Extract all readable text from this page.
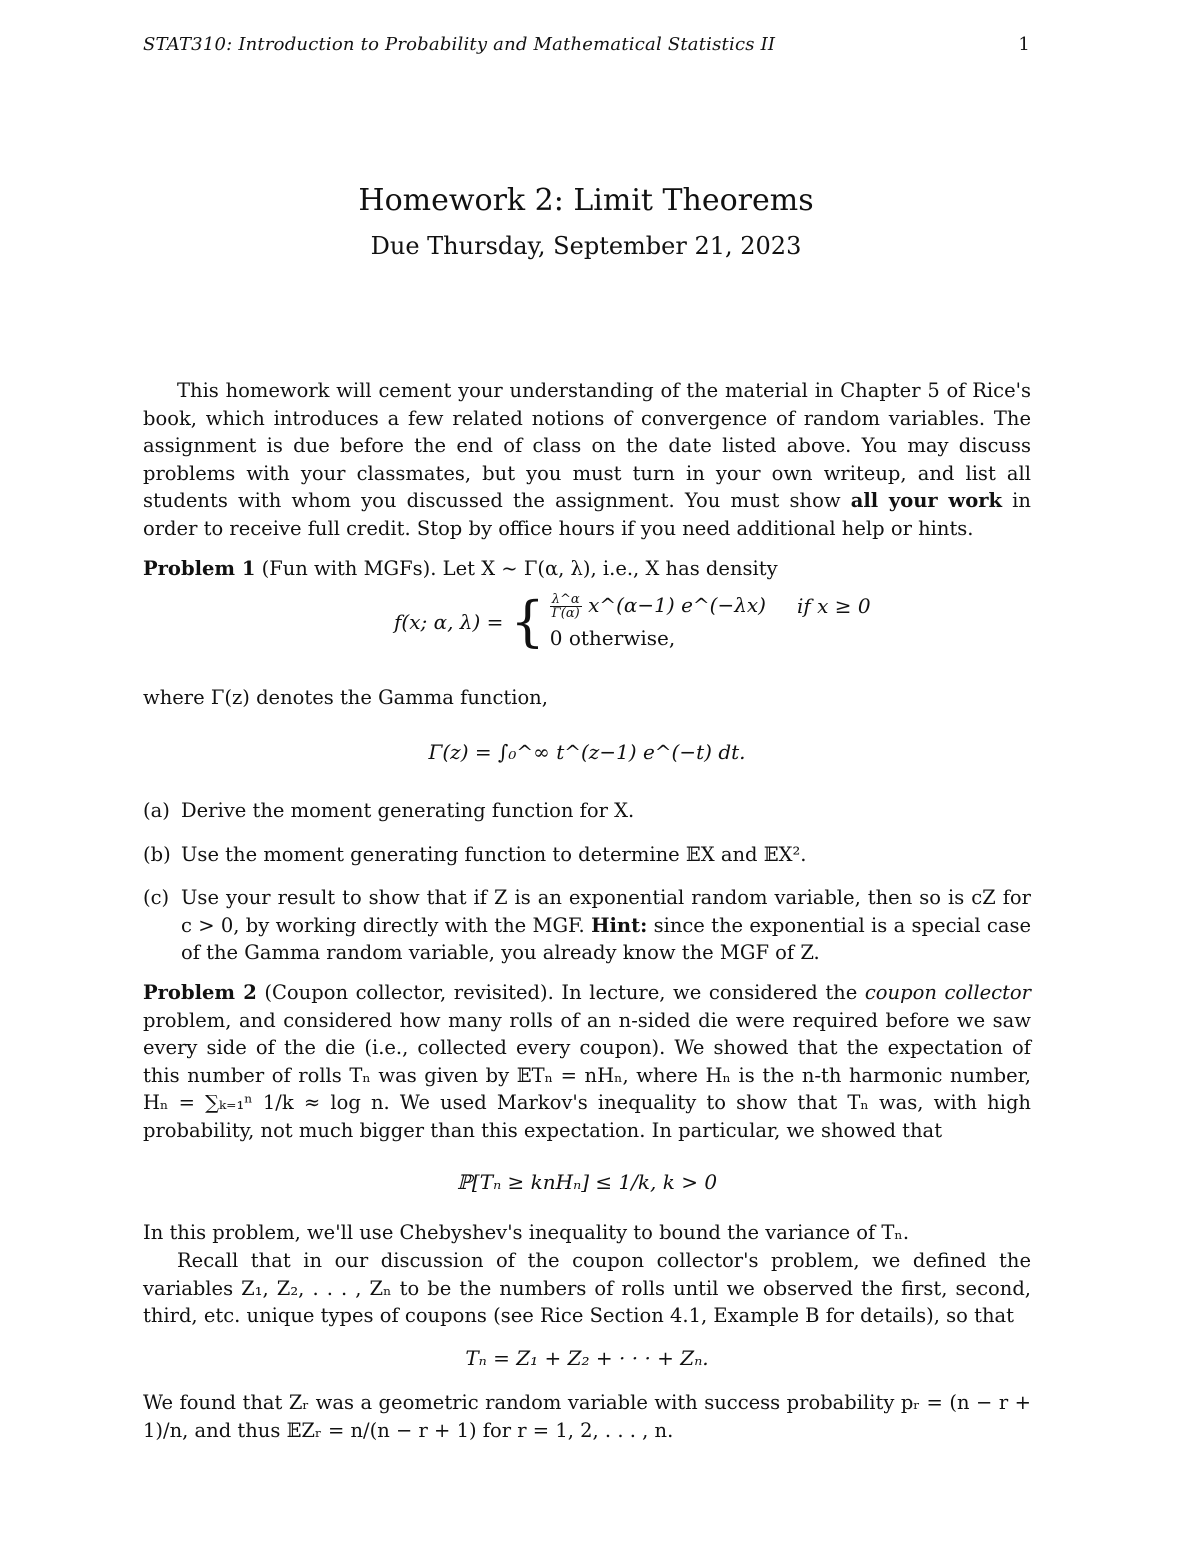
STAT310: Introduction to Probability and Mathematical Statistics II	1
Homework 2: Limit Theorems
Due Thursday, September 21, 2023
This homework will cement your understanding of the material in Chapter 5 of Rice's book, which introduces a few related notions of convergence of random variables. The assignment is due before the end of class on the date listed above. You may discuss problems with your classmates, but you must turn in your own writeup, and list all students with whom you discussed the assignment. You must show all your work in order to receive full credit. Stop by office hours if you need additional help or hints.
Problem 1 (Fun with MGFs). Let X ~ Γ(α, λ), i.e., X has density
f(x; α, λ) =	{	$\frac{\lambda\^{}\alpha}{\Gamma(\alpha)}$ x^(α−1) e^(−λx)	if x ≥ 0
0 otherwise,
where Γ(z) denotes the Gamma function,
Γ(z) = ∫₀^∞ t^(z−1) e^(−t) dt.
(a) Derive the moment generating function for X.
(b) Use the moment generating function to determine 𝔼X and 𝔼X².
(c) Use your result to show that if Z is an exponential random variable, then so is cZ for c > 0, by working directly with the MGF. Hint: since the exponential is a special case of the Gamma random variable, you already know the MGF of Z.
Problem 2 (Coupon collector, revisited). In lecture, we considered the coupon collector problem, and considered how many rolls of an n-sided die were required before we saw every side of the die (i.e., collected every coupon). We showed that the expectation of this number of rolls Tₙ was given by 𝔼Tₙ = nHₙ, where Hₙ is the n-th harmonic number, Hₙ = ∑ₖ₌₁ⁿ 1/k ≈ log n. We used Markov's inequality to show that Tₙ was, with high probability, not much bigger than this expectation. In particular, we showed that
ℙ[Tₙ ≥ knHₙ] ≤ 1/k, k > 0
In this problem, we'll use Chebyshev's inequality to bound the variance of Tₙ.
Recall that in our discussion of the coupon collector's problem, we defined the variables Z₁, Z₂, . . . , Zₙ to be the numbers of rolls until we observed the first, second, third, etc. unique types of coupons (see Rice Section 4.1, Example B for details), so that
Tₙ = Z₁ + Z₂ + · · · + Zₙ.
We found that Zᵣ was a geometric random variable with success probability pᵣ = (n − r + 1)/n, and thus 𝔼Zᵣ = n/(n − r + 1) for r = 1, 2, . . . , n.
